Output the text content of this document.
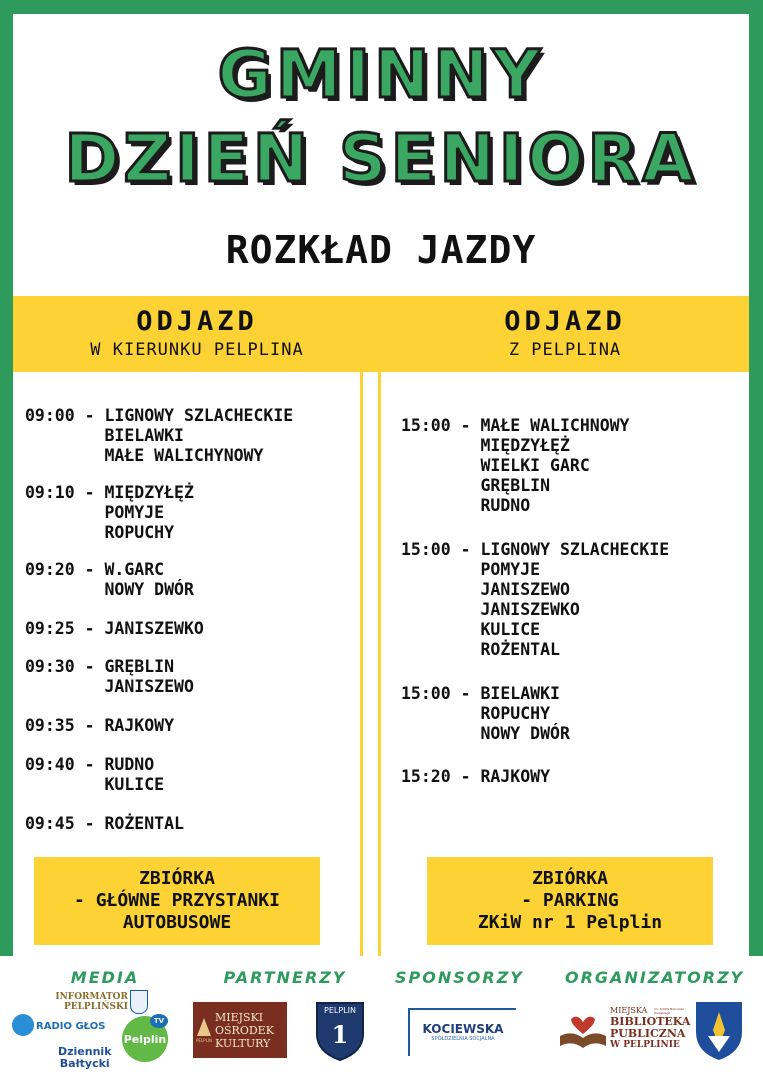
GMINNY
DZIEŃ SENIORA
ROZKŁAD JAZDY
ODJAZD
W KIERUNKU PELPLINA
ODJAZD
Z PELPLINA
09:00 - LIGNOWY SZLACHECKIE
BIELAWKI
MAŁE WALICHYNOWY
09:10 - MIĘDZYŁĘŻ
POMYJE
ROPUCHY
09:20 - W.GARC
NOWY DWÓR
09:25 - JANISZEWKO
09:30 - GRĘBLIN
JANISZEWO
09:35 - RAJKOWY
09:40 - RUDNO
KULICE
09:45 - ROŻENTAL
15:00 - MAŁE WALICHNOWY
MIĘDZYŁĘŻ
WIELKI GARC
GRĘBLIN
RUDNO
15:00 - LIGNOWY SZLACHECKIE
POMYJE
JANISZEWO
JANISZEWKO
KULICE
ROŻENTAL
15:00 - BIELAWKI
ROPUCHY
NOWY DWÓR
15:20 - RAJKOWY
ZBIÓRKA
- GŁÓWNE PRZYSTANKI
AUTOBUSOWE
ZBIÓRKA
- PARKING
ZKiW nr 1 Pelplin
MEDIA	PARTNERZY	SPONSORZY	ORGANIZATORZY
INFORMATOR
PELPLIŃSKI
RADIO GŁOS
Dziennik
Bałtycki
Pelplin
TV
PELPLIN
MIEJSKI
OŚRODEK
KULTURY
PELPLIN
1	KOCIEWSKA
SPÓŁDZIELNIA SOCJALNA
MIEJSKA
BIBLIOTEKA
PUBLICZNA
W PELPLINIE
im. Adolfa Bernarda Osińskiego
